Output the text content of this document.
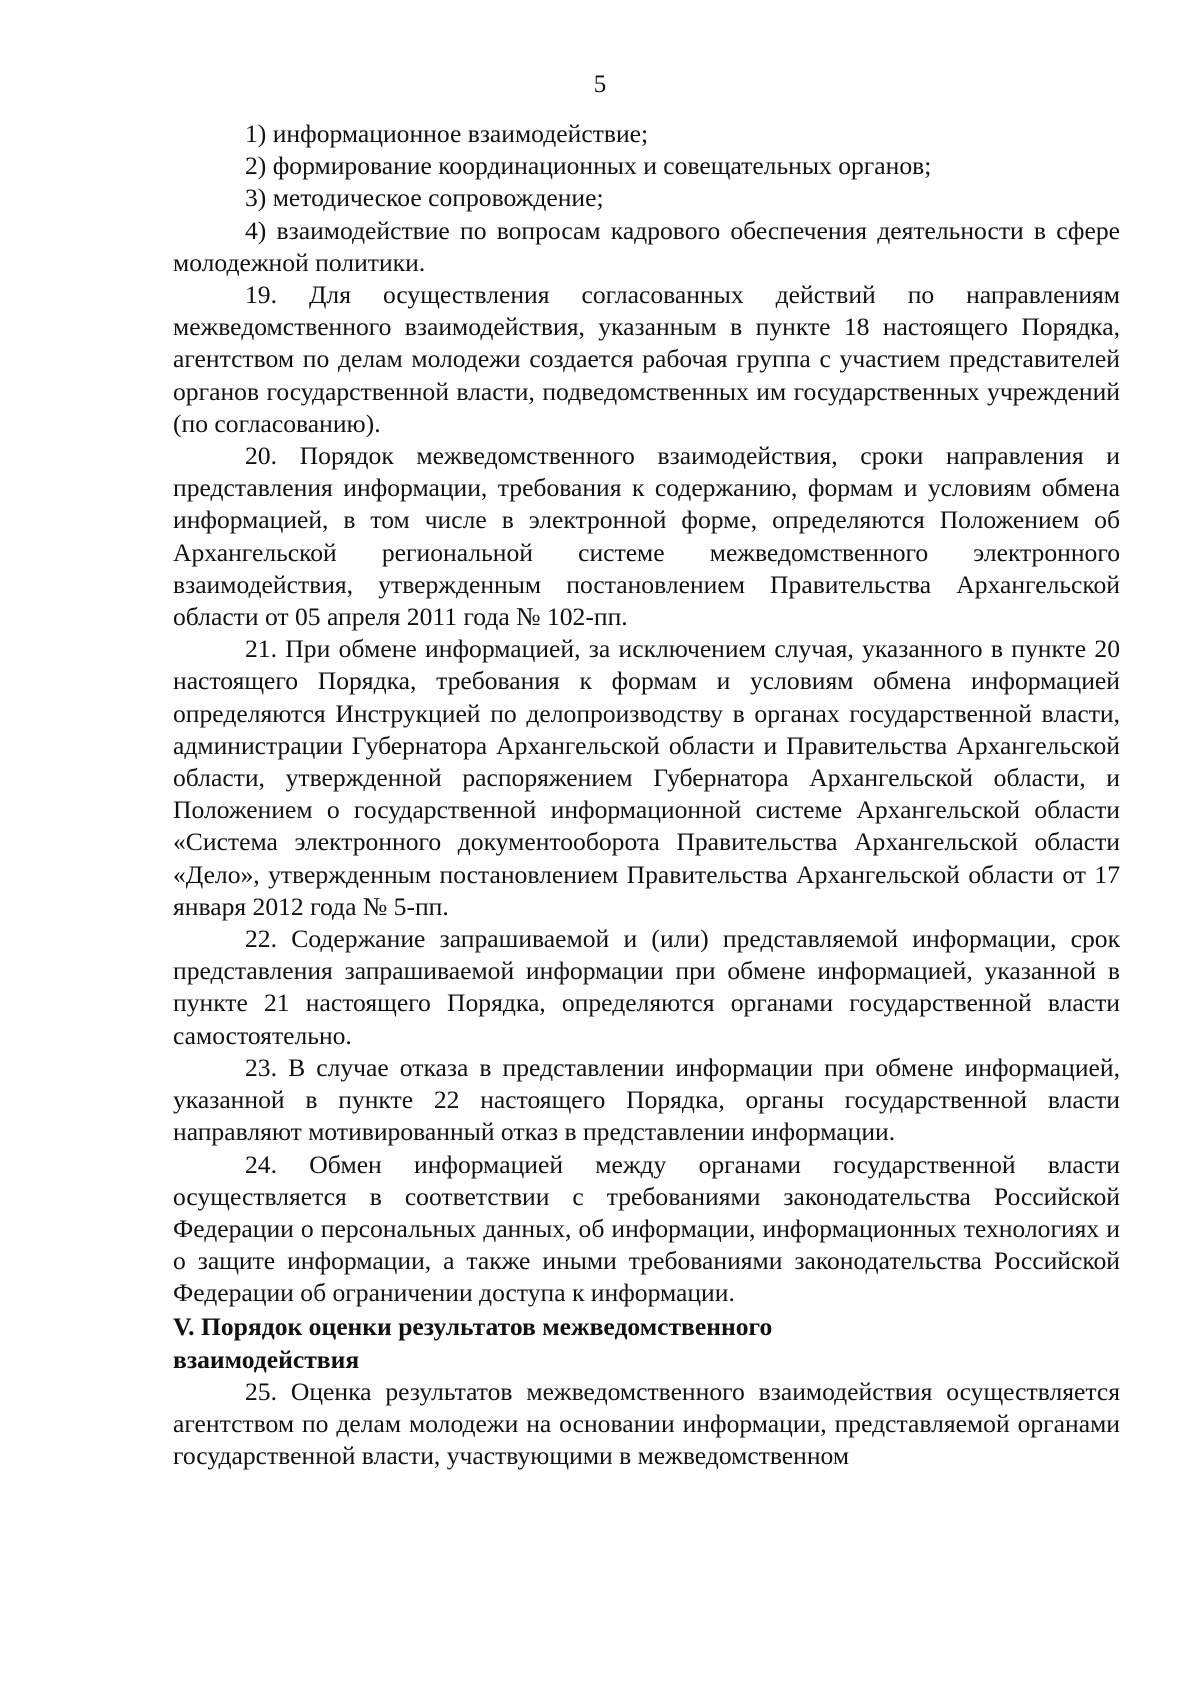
5

1) информационное взаимодействие;

2) формирование координационных и совещательных органов;

3) методическое сопровождение;

4) взаимодействие по вопросам кадрового обеспечения деятельности в сфере молодежной политики.

19. Для осуществления согласованных действий по направлениям межведомственного взаимодействия, указанным в пункте 18 настоящего Порядка, агентством по делам молодежи создается рабочая группа с участием представителей органов государственной власти, подведомственных им государственных учреждений (по согласованию).

20. Порядок межведомственного взаимодействия, сроки направления и представления информации, требования к содержанию, формам и условиям обмена информацией, в том числе в электронной форме, определяются Положением об Архангельской региональной системе межведомственного электронного взаимодействия, утвержденным постановлением Правительства Архангельской области от 05 апреля 2011 года № 102-пп.

21. При обмене информацией, за исключением случая, указанного в пункте 20 настоящего Порядка, требования к формам и условиям обмена информацией определяются Инструкцией по делопроизводству в органах государственной власти, администрации Губернатора Архангельской области и Правительства Архангельской области, утвержденной распоряжением Губернатора Архангельской области, и Положением о государственной информационной системе Архангельской области «Система электронного документооборота Правительства Архангельской области «Дело», утвержденным постановлением Правительства Архангельской области от 17 января 2012 года № 5-пп.

22. Содержание запрашиваемой и (или) представляемой информации, срок представления запрашиваемой информации при обмене информацией, указанной в пункте 21 настоящего Порядка, определяются органами государственной власти самостоятельно.

23. В случае отказа в представлении информации при обмене информацией, указанной в пункте 22 настоящего Порядка, органы государственной власти направляют мотивированный отказ в представлении информации.

24. Обмен информацией между органами государственной власти осуществляется в соответствии с требованиями законодательства Российской Федерации о персональных данных, об информации, информационных технологиях и о защите информации, а также иными требованиями законодательства Российской Федерации об ограничении доступа к информации.

V. Порядок оценки результатов межведомственного
взаимодействия

25. Оценка результатов межведомственного взаимодействия осуществляется агентством по делам молодежи на основании информации, представляемой органами государственной власти, участвующими в межведомственном
